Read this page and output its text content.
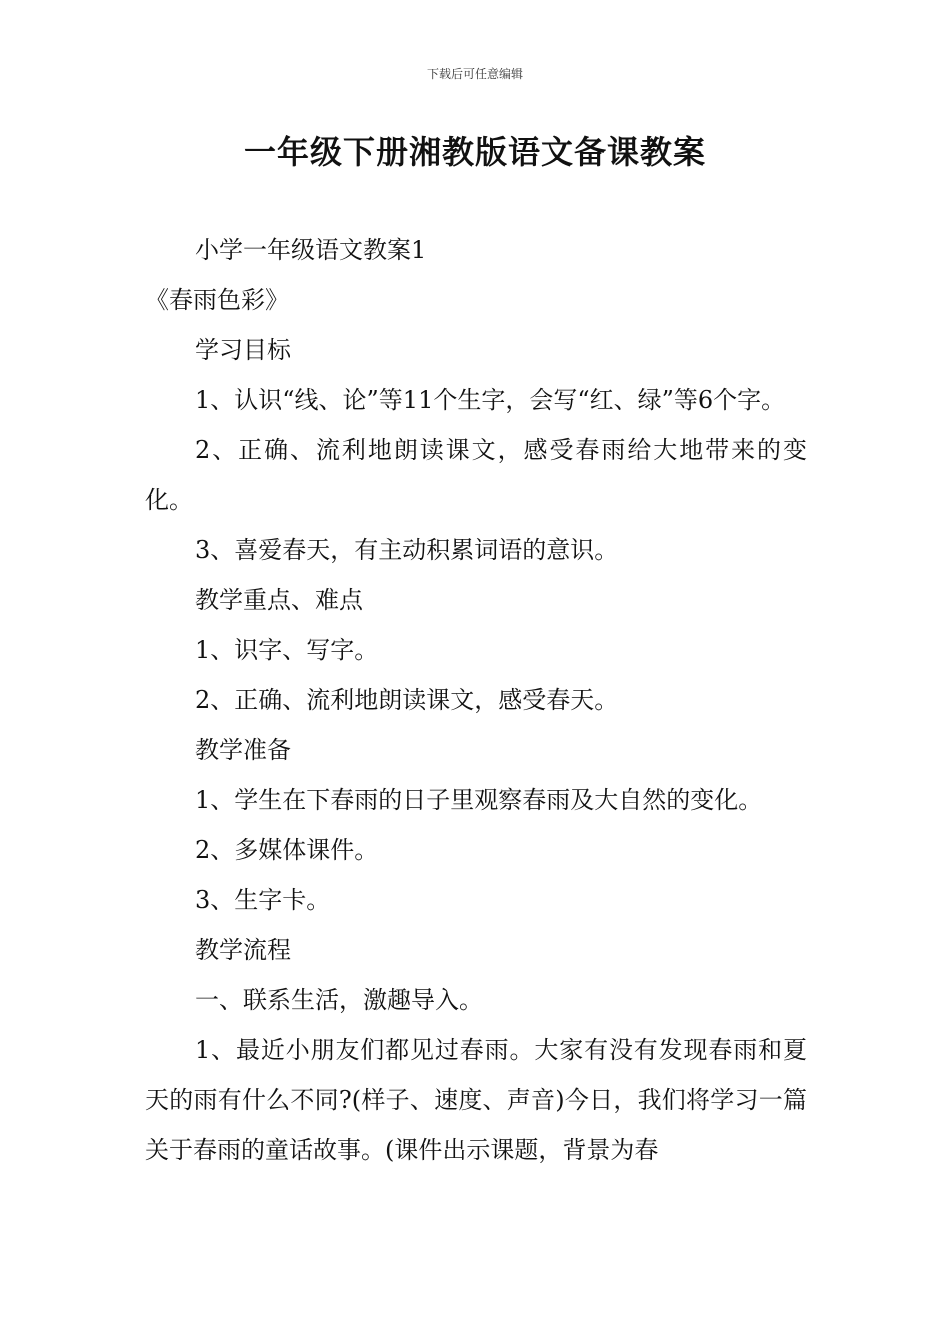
下载后可任意编辑
一年级下册湘教版语文备课教案

小学一年级语文教案1

《春雨色彩》

学习目标

1、认识“线、论”等11个生字，会写“红、绿”等6个字。

2、正确、流利地朗读课文，感受春雨给大地带来的变化。

3、喜爱春天，有主动积累词语的意识。

教学重点、难点

1、识字、写字。

2、正确、流利地朗读课文，感受春天。

教学准备

1、学生在下春雨的日子里观察春雨及大自然的变化。

2、多媒体课件。

3、生字卡。

教学流程

一、联系生活，激趣导入。

1、最近小朋友们都见过春雨。大家有没有发现春雨和夏天的雨有什么不同?(样子、速度、声音)今日，我们将学习一篇关于春雨的童话故事。(课件出示课题，背景为春
